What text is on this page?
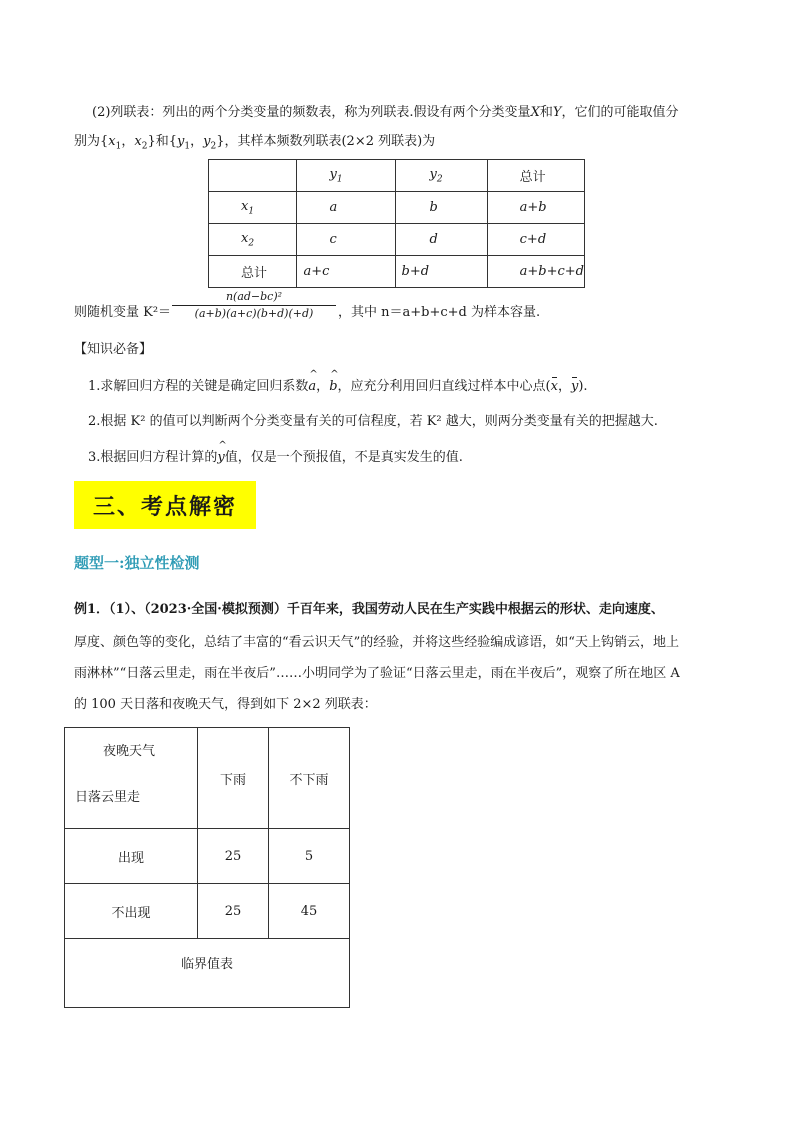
(2)列联表：列出的两个分类变量的频数表，称为列联表.假设有两个分类变量X和Y，它们的可能取值分
别为{$x_1$，$x_2$}和{$y_1$，$y_2$}，其样本频数列联表(2×2 列联表)为
	$y_1$	$y_2$	总计
$x_1$	a	b	a+b
$x_2$	c	d	c+d
总计	a+c	b+d	a+b+c+d
则随机变量 K²＝
n(ad−bc)²
(a+b)(a+c)(b+d)(+d)	，其中 n＝a+b+c+d 为样本容量.
【知识必备】
1.求解回归方程的关键是确定回归系数^ a，^ b，应充分利用回归直线过样本中心点(x，y).
2.根据 K² 的值可以判断两个分类变量有关的可信程度，若 K² 越大，则两分类变量有关的把握越大.
3.根据回归方程计算的^ y值，仅是一个预报值，不是真实发生的值.
三、考点解密
题型一:独立性检测
例1．（1）、（2023·全国·模拟预测）千百年来，我国劳动人民在生产实践中根据云的形状、走向速度、
厚度、颜色等的变化，总结了丰富的“看云识天气”的经验，并将这些经验编成谚语，如“天上钩销云，地上
雨淋林”“日落云里走，雨在半夜后”……小明同学为了验证“日落云里走，雨在半夜后”，观察了所在地区 A
的 100 天日落和夜晚天气，得到如下 2×2 列联表：
夜晚天气
日落云里走	下雨	不下雨
出现	25	5
不出现	25	45
临界值表		
